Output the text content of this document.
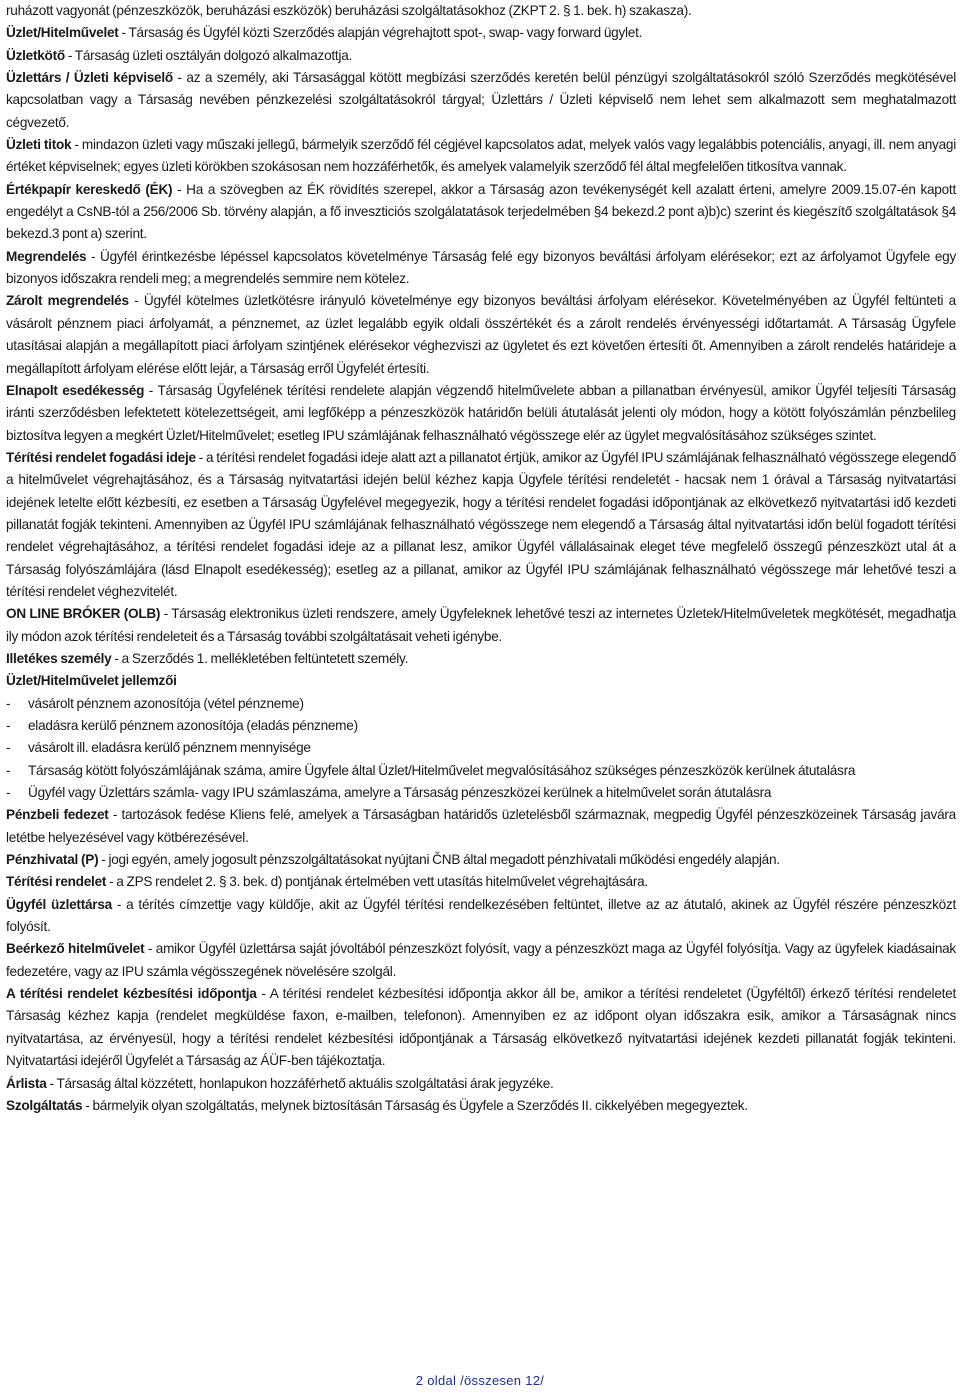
ruházott vagyonát (pénzeszközök, beruházási eszközök) beruházási szolgáltatásokhoz (ZKPT 2. § 1. bek. h) szakasza).

Üzlet/Hitelművelet - Társaság és Ügyfél közti Szerződés alapján végrehajtott spot-, swap- vagy forward ügylet.

Üzletkötő - Társaság üzleti osztályán dolgozó alkalmazottja.

Üzlettárs / Üzleti képviselő - az a személy, aki Társasággal kötött megbízási szerződés keretén belül pénzügyi szolgáltatásokról szóló Szerződés megkötésével kapcsolatban vagy a Társaság nevében pénzkezelési szolgáltatásokról tárgyal; Üzlettárs / Üzleti képviselő nem lehet sem alkalmazott sem meghatalmazott cégvezető.

Üzleti titok - mindazon üzleti vagy műszaki jellegű, bármelyik szerződő fél cégjével kapcsolatos adat, melyek valós vagy legalábbis potenciális, anyagi, ill. nem anyagi értéket képviselnek; egyes üzleti körökben szokásosan nem hozzáférhetők, és amelyek valamelyik szerződő fél által megfelelően titkosítva vannak.

Értékpapír kereskedő (ÉK) - Ha a szövegben az ÉK rövidítés szerepel, akkor a Társaság azon tevékenységét kell azalatt érteni, amelyre 2009.15.07-én kapott engedélyt a CsNB-tól a 256/2006 Sb. törvény alapján, a fő inveszticiós szolgálatatások terjedelmében §4 bekezd.2 pont a)b)c) szerint és kiegészítő szolgáltatások §4 bekezd.3 pont a) szerint.

Megrendelés - Ügyfél érintkezésbe lépéssel kapcsolatos követelménye Társaság felé egy bizonyos beváltási árfolyam elérésekor; ezt az árfolyamot Ügyfele egy bizonyos időszakra rendeli meg; a megrendelés semmire nem kötelez.

Zárolt megrendelés - Ügyfél kötelmes üzletkötésre irányuló követelménye egy bizonyos beváltási árfolyam elérésekor. Követelményében az Ügyfél feltünteti a vásárolt pénznem piaci árfolyamát, a pénznemet, az üzlet legalább egyik oldali összértékét és a zárolt rendelés érvényességi időtartamát. A Társaság Ügyfele utasításai alapján a megállapított piaci árfolyam szintjének elérésekor véghezviszi az ügyletet és ezt követően értesíti őt. Amennyiben a zárolt rendelés határideje a megállapított árfolyam elérése előtt lejár, a Társaság erről Ügyfelét értesíti.

Elnapolt esedékesség - Társaság Ügyfelének térítési rendelete alapján végzendő hitelművelete abban a pillanatban érvényesül, amikor Ügyfél teljesíti Társaság iránti szerződésben lefektetett kötelezettségeit, ami legfőképp a pénzeszközök határidőn belüli átutalását jelenti oly módon, hogy a kötött folyószámlán pénzbelileg biztosítva legyen a megkért Üzlet/Hitelművelet; esetleg IPU számlájának felhasználható végösszege elér az ügylet megvalósításához szükséges szintet.

Térítési rendelet fogadási ideje - a térítési rendelet fogadási ideje alatt azt a pillanatot értjük, amikor az Ügyfél IPU számlájának felhasználható végösszege elegendő a hitelművelet végrehajtásához, és a Társaság nyitvatartási idején belül kézhez kapja Ügyfele térítési rendeletét - hacsak nem 1 órával a Társaság nyitvatartási idejének letelte előtt kézbesíti, ez esetben a Társaság Ügyfelével megegyezik, hogy a térítési rendelet fogadási időpontjának az elkövetkező nyitvatartási idő kezdeti pillanatát fogják tekinteni. Amennyiben az Ügyfél IPU számlájának felhasználható végösszege nem elegendő a Társaság által nyitvatartási időn belül fogadott térítési rendelet végrehajtásához, a térítési rendelet fogadási ideje az a pillanat lesz, amikor Ügyfél vállalásainak eleget téve megfelelő összegű pénzeszközt utal át a Társaság folyószámlájára (lásd Elnapolt esedékesség); esetleg az a pillanat, amikor az Ügyfél IPU számlájának felhasználható végösszege már lehetővé teszi a térítési rendelet véghezvitelét.

ON LINE BRÓKER (OLB) - Társaság elektronikus üzleti rendszere, amely Ügyfeleknek lehetővé teszi az internetes Üzletek/Hitelműveletek megkötését, megadhatja ily módon azok térítési rendeleteit és a Társaság további szolgáltatásait veheti igénybe.

Illetékes személy - a Szerződés 1. mellékletében feltüntetett személy.

Üzlet/Hitelművelet jellemzői

- vásárolt pénznem azonosítója (vétel pénzneme)
- eladásra kerülő pénznem azonosítója (eladás pénzneme)
- vásárolt ill. eladásra kerülő pénznem mennyisége
- Társaság kötött folyószámlájának száma, amire Ügyfele által Üzlet/Hitelművelet megvalósításához szükséges pénzeszközök kerülnek átutalásra
- Ügyfél vagy Üzlettárs számla- vagy IPU számlaszáma, amelyre a Társaság pénzeszközei kerülnek a hitelművelet során átutalásra

Pénzbeli fedezet - tartozások fedése Kliens felé, amelyek a Társaságban határidős üzletelésből származnak, megpedig Ügyfél pénzeszközeinek Társaság javára letétbe helyezésével vagy kötbérezésével.

Pénzhivatal (P) - jogi egyén, amely jogosult pénzszolgáltatásokat nyújtani ČNB által megadott pénzhivatali működési engedély alapján.

Térítési rendelet - a ZPS rendelet 2. § 3. bek. d) pontjának értelmében vett utasítás hitelművelet végrehajtására.

Ügyfél üzlettársa - a térítés címzettje vagy küldője, akit az Ügyfél térítési rendelkezésében feltüntet, illetve az az átutaló, akinek az Ügyfél részére pénzeszközt folyósít.

Beérkező hitelművelet - amikor Ügyfél üzlettársa saját jóvoltából pénzeszközt folyósít, vagy a pénzeszközt maga az Ügyfél folyósítja. Vagy az ügyfelek kiadásainak fedezetére, vagy az IPU számla végösszegének növelésére szolgál.

A térítési rendelet kézbesítési időpontja - A térítési rendelet kézbesítési időpontja akkor áll be, amikor a térítési rendeletet (Ügyféltől) érkező térítési rendeletet Társaság kézhez kapja (rendelet megküldése faxon, e-mailben, telefonon). Amennyiben ez az időpont olyan időszakra esik, amikor a Társaságnak nincs nyitvatartása, az érvényesül, hogy a térítési rendelet kézbesítési időpontjának a Társaság elkövetkező nyitvatartási idejének kezdeti pillanatát fogják tekinteni. Nyitvatartási idejéről Ügyfelét a Társaság az ÁÜF-ben tájékoztatja.

Árlista - Társaság által közzétett, honlapukon hozzáférhető aktuális szolgáltatási árak jegyzéke.

Szolgáltatás - bármelyik olyan szolgáltatás, melynek biztosításán Társaság és Ügyfele a Szerződés II. cikkelyében megegyeztek.

2 oldal /összesen 12/
